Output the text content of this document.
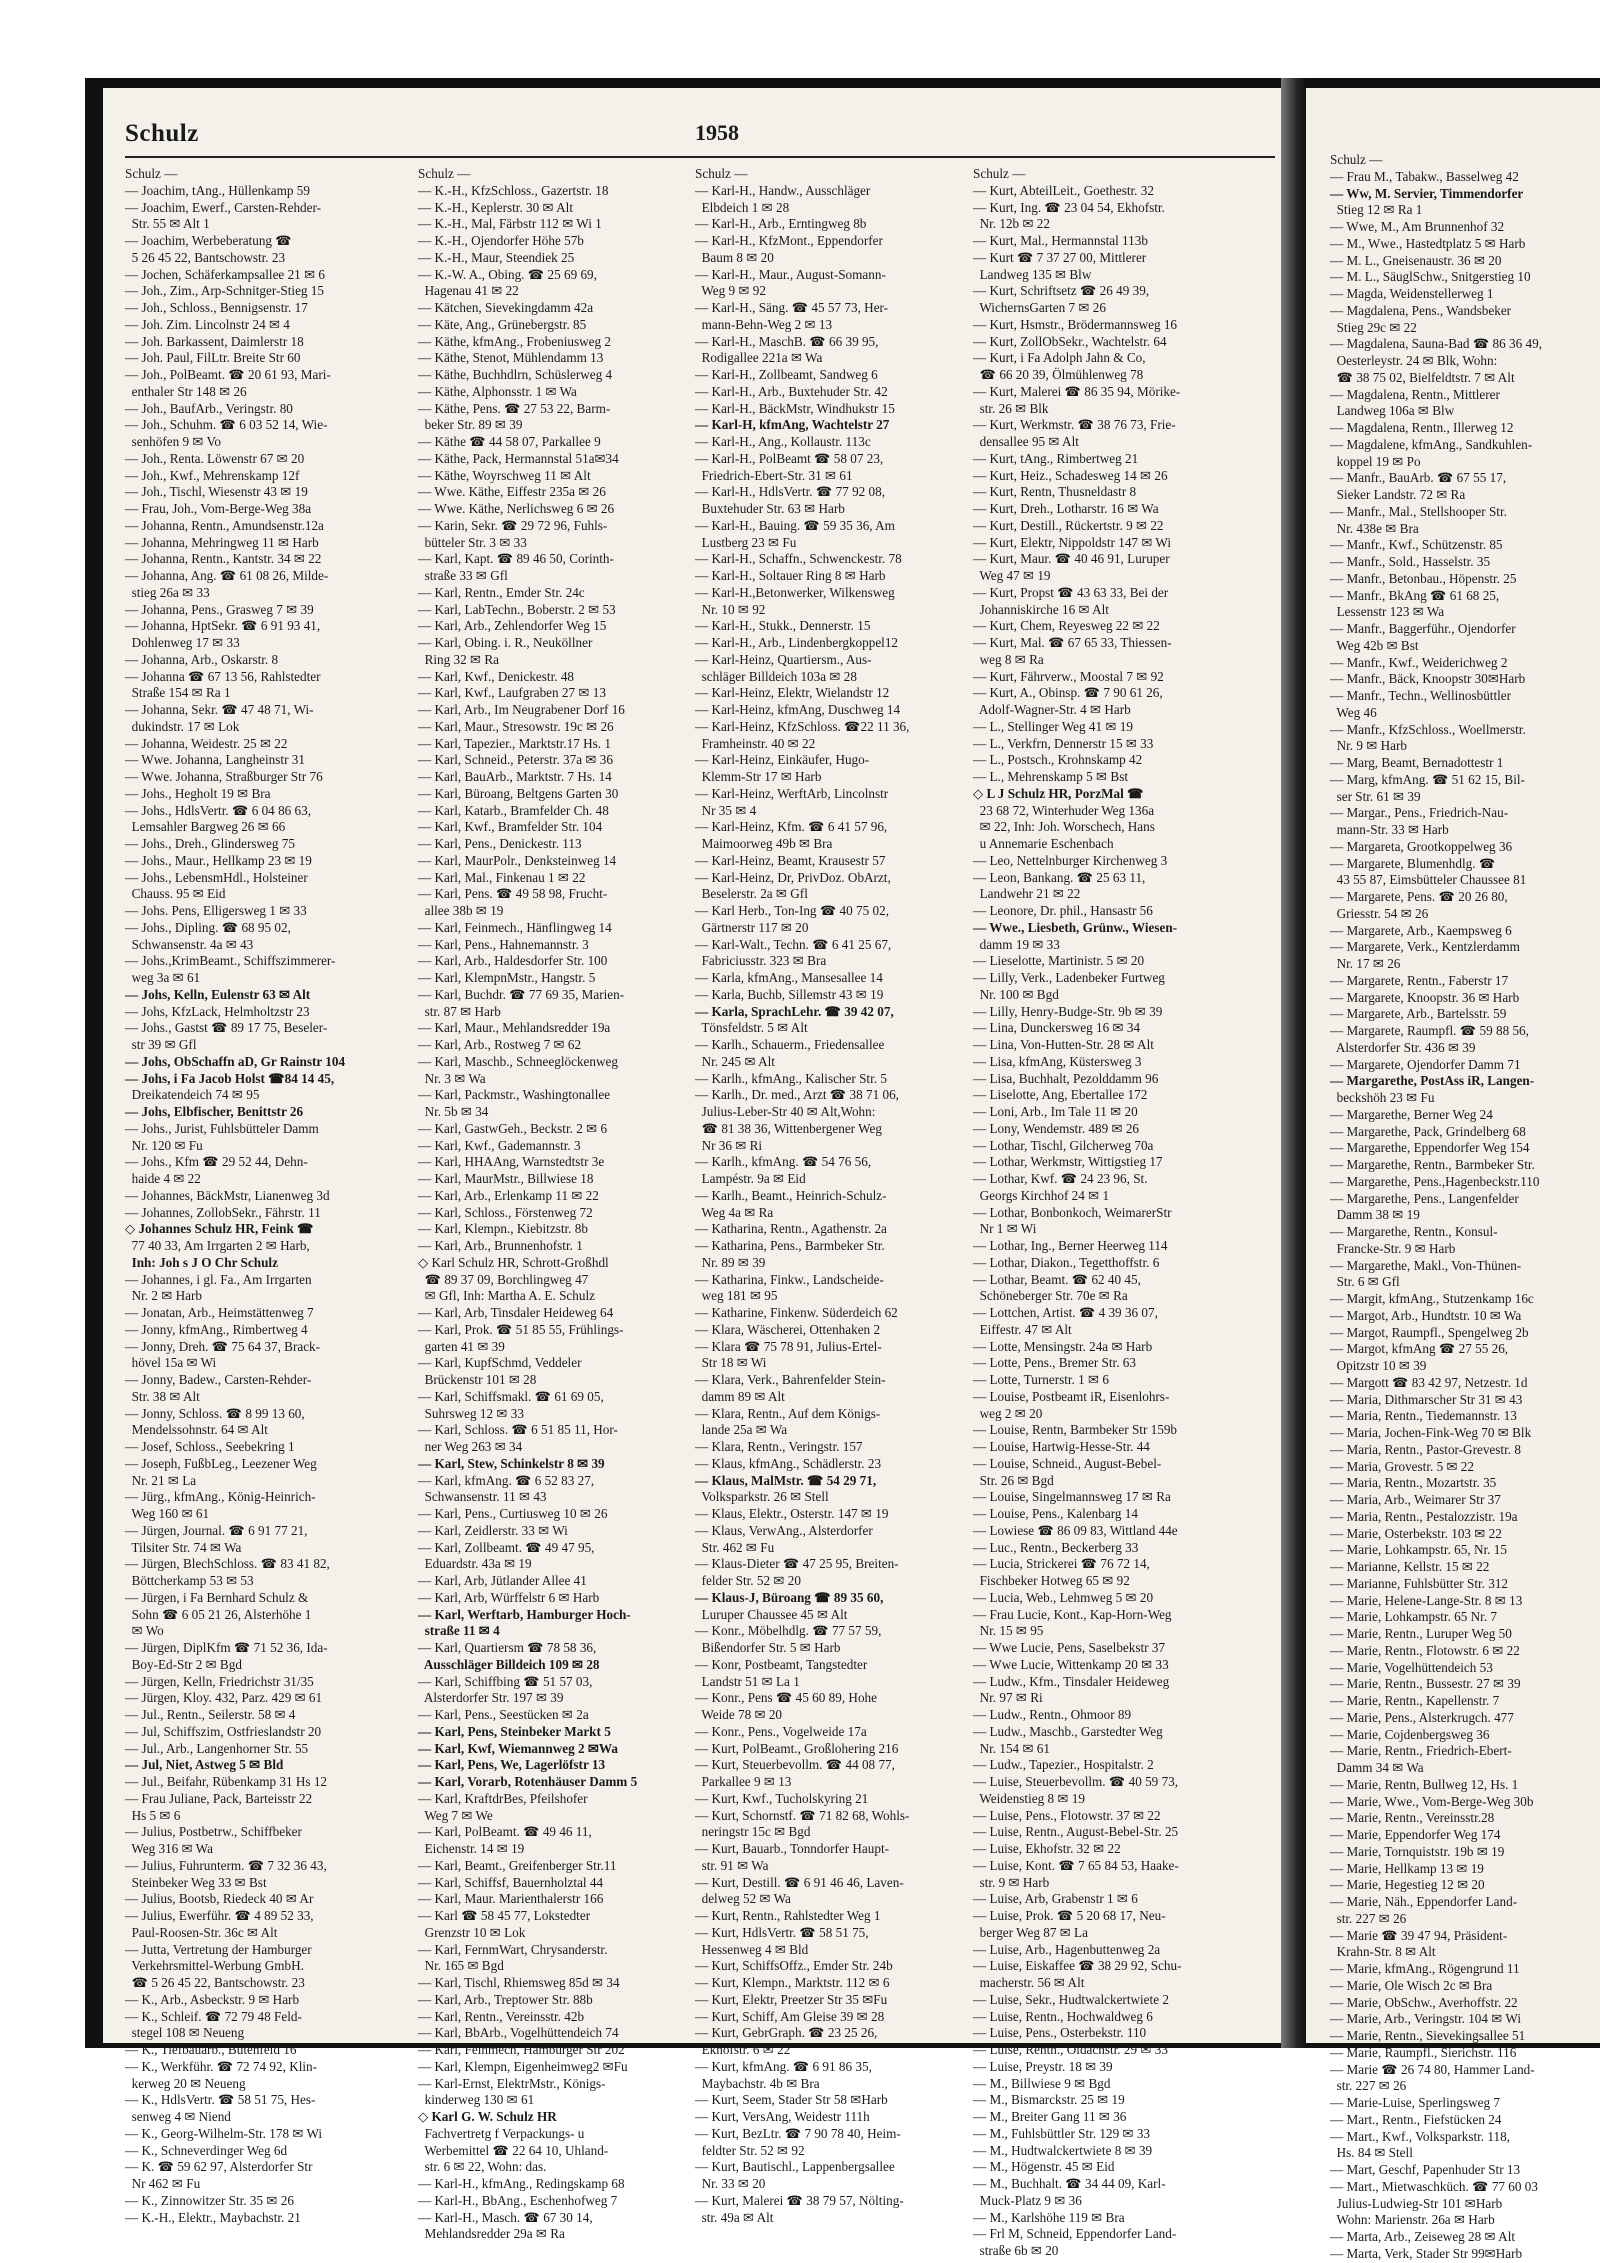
Schulz	1958
Schulz —
— Joachim, tAng., Hüllenkamp 59
— Joachim, Ewerf., Carsten-Rehder-
Str. 55 ✉ Alt 1
— Joachim, Werbeberatung ☎
5 26 45 22, Bantschowstr. 23
— Jochen, Schäferkampsallee 21 ✉ 6
— Joh., Zim., Arp-Schnitger-Stieg 15
— Joh., Schloss., Bennigsenstr. 17
— Joh. Zim. Lincolnstr 24 ✉ 4
— Joh. Barkassent, Daimlerstr 18
— Joh. Paul, FilLtr. Breite Str 60
— Joh., PolBeamt. ☎ 20 61 93, Mari-
enthaler Str 148 ✉ 26
— Joh., BaufArb., Veringstr. 80
— Joh., Schuhm. ☎ 6 03 52 14, Wie-
senhöfen 9 ✉ Vo
— Joh., Renta. Löwenstr 67 ✉ 20
— Joh., Kwf., Mehrenskamp 12f
— Joh., Tischl, Wiesenstr 43 ✉ 19
— Frau, Joh., Vom-Berge-Weg 38a
— Johanna, Rentn., Amundsenstr.12a
— Johanna, Mehringweg 11 ✉ Harb
— Johanna, Rentn., Kantstr. 34 ✉ 22
— Johanna, Ang. ☎ 61 08 26, Milde-
stieg 26a ✉ 33
— Johanna, Pens., Grasweg 7 ✉ 39
— Johanna, HptSekr. ☎ 6 91 93 41,
Dohlenweg 17 ✉ 33
— Johanna, Arb., Oskarstr. 8
— Johanna ☎ 67 13 56, Rahlstedter
Straße 154 ✉ Ra 1
— Johanna, Sekr. ☎ 47 48 71, Wi-
dukindstr. 17 ✉ Lok
— Johanna, Weidestr. 25 ✉ 22
— Wwe. Johanna, Langheinstr 31
— Wwe. Johanna, Straßburger Str 76
— Johs., Hegholt 19 ✉ Bra
— Johs., HdlsVertr. ☎ 6 04 86 63,
Lemsahler Bargweg 26 ✉ 66
— Johs., Dreh., Glindersweg 75
— Johs., Maur., Hellkamp 23 ✉ 19
— Johs., LebensmHdl., Holsteiner
Chauss. 95 ✉ Eid
— Johs. Pens, Elligersweg 1 ✉ 33
— Johs., Dipling. ☎ 68 95 02,
Schwansenstr. 4a ✉ 43
— Johs.,KrimBeamt., Schiffszimmerer-
weg 3a ✉ 61
— Johs, Kelln, Eulenstr 63 ✉ Alt
— Johs, KfzLack, Helmholtzstr 23
— Johs., Gastst ☎ 89 17 75, Beseler-
str 39 ✉ Gfl
— Johs, ObSchaffn aD, Gr Rainstr 104
— Johs, i Fa Jacob Holst ☎84 14 45,
Dreikatendeich 74 ✉ 95
— Johs, Elbfischer, Benittstr 26
— Johs., Jurist, Fuhlsbütteler Damm
Nr. 120 ✉ Fu
— Johs., Kfm ☎ 29 52 44, Dehn-
haide 4 ✉ 22
— Johannes, BäckMstr, Lianenweg 3d
— Johannes, ZollobSekr., Fährstr. 11
◇ Johannes Schulz HR, Feink ☎
77 40 33, Am Irrgarten 2 ✉ Harb,
Inh: Joh s J O Chr Schulz
— Johannes, i gl. Fa., Am Irrgarten
Nr. 2 ✉ Harb
— Jonatan, Arb., Heimstättenweg 7
— Jonny, kfmAng., Rimbertweg 4
— Jonny, Dreh. ☎ 75 64 37, Brack-
hövel 15a ✉ Wi
— Jonny, Badew., Carsten-Rehder-
Str. 38 ✉ Alt
— Jonny, Schloss. ☎ 8 99 13 60,
Mendelssohnstr. 64 ✉ Alt
— Josef, Schloss., Seebekring 1
— Joseph, FußbLeg., Leezener Weg
Nr. 21 ✉ La
— Jürg., kfmAng., König-Heinrich-
Weg 160 ✉ 61
— Jürgen, Journal. ☎ 6 91 77 21,
Tilsiter Str. 74 ✉ Wa
— Jürgen, BlechSchloss. ☎ 83 41 82,
Böttcherkamp 53 ✉ 53
— Jürgen, i Fa Bernhard Schulz &
Sohn ☎ 6 05 21 26, Alsterhöhe 1
✉ Wo
— Jürgen, DiplKfm ☎ 71 52 36, Ida-
Boy-Ed-Str 2 ✉ Bgd
— Jürgen, Kelln, Friedrichstr 31/35
— Jürgen, Kloy. 432, Parz. 429 ✉ 61
— Jul., Rentn., Seilerstr. 58 ✉ 4
— Jul, Schiffszim, Ostfrieslandstr 20
— Jul., Arb., Langenhorner Str. 55
— Jul, Niet, Astweg 5 ✉ Bld
— Jul., Beifahr, Rübenkamp 31 Hs 12
— Frau Juliane, Pack, Barteisstr 22
Hs 5 ✉ 6
— Julius, Postbetrw., Schiffbeker
Weg 316 ✉ Wa
— Julius, Fuhrunterm. ☎ 7 32 36 43,
Steinbeker Weg 33 ✉ Bst
— Julius, Bootsb, Riedeck 40 ✉ Ar
— Julius, Ewerführ. ☎ 4 89 52 33,
Paul-Roosen-Str. 36c ✉ Alt
— Jutta, Vertretung der Hamburger
Verkehrsmittel-Werbung GmbH.
☎ 5 26 45 22, Bantschowstr. 23
— K., Arb., Asbeckstr. 9 ✉ Harb
— K., Schleif. ☎ 72 79 48 Feld-
stegel 108 ✉ Neueng
— K., Tiefbauarb., Butenfeld 16
— K., Werkführ. ☎ 72 74 92, Klin-
kerweg 20 ✉ Neueng
— K., HdlsVertr. ☎ 58 51 75, Hes-
senweg 4 ✉ Niend
— K., Georg-Wilhelm-Str. 178 ✉ Wi
— K., Schneverdinger Weg 6d
— K. ☎ 59 62 97, Alsterdorfer Str
Nr 462 ✉ Fu
— K., Zinnowitzer Str. 35 ✉ 26
— K.-H., Elektr., Maybachstr. 21
Schulz —
— K.-H., KfzSchloss., Gazertstr. 18
— K.-H., Keplerstr. 30 ✉ Alt
— K.-H., Mal, Färbstr 112 ✉ Wi 1
— K.-H., Ojendorfer Höhe 57b
— K.-H., Maur, Steendiek 25
— K.-W. A., Obing. ☎ 25 69 69,
Hagenau 41 ✉ 22
— Kätchen, Sievekingdamm 42a
— Käte, Ang., Grünebergstr. 85
— Käthe, kfmAng., Frobeniusweg 2
— Käthe, Stenot, Mühlendamm 13
— Käthe, Buchhdlrn, Schüslerweg 4
— Käthe, Alphonsstr. 1 ✉ Wa
— Käthe, Pens. ☎ 27 53 22, Barm-
beker Str. 89 ✉ 39
— Käthe ☎ 44 58 07, Parkallee 9
— Käthe, Pack, Hermannstal 51a✉34
— Käthe, Woyrschweg 11 ✉ Alt
— Wwe. Käthe, Eiffestr 235a ✉ 26
— Wwe. Käthe, Nerlichsweg 6 ✉ 26
— Karin, Sekr. ☎ 29 72 96, Fuhls-
bütteler Str. 3 ✉ 33
— Karl, Kapt. ☎ 89 46 50, Corinth-
straße 33 ✉ Gfl
— Karl, Rentn., Emder Str. 24c
— Karl, LabTechn., Boberstr. 2 ✉ 53
— Karl, Arb., Zehlendorfer Weg 15
— Karl, Obing. i. R., Neuköllner
Ring 32 ✉ Ra
— Karl, Kwf., Denickestr. 48
— Karl, Kwf., Laufgraben 27 ✉ 13
— Karl, Arb., Im Neugrabener Dorf 16
— Karl, Maur., Stresowstr. 19c ✉ 26
— Karl, Tapezier., Marktstr.17 Hs. 1
— Karl, Schneid., Peterstr. 37a ✉ 36
— Karl, BauArb., Marktstr. 7 Hs. 14
— Karl, Büroang, Beltgens Garten 30
— Karl, Katarb., Bramfelder Ch. 48
— Karl, Kwf., Bramfelder Str. 104
— Karl, Pens., Denickestr. 113
— Karl, MaurPolr., Denksteinweg 14
— Karl, Mal., Finkenau 1 ✉ 22
— Karl, Pens. ☎ 49 58 98, Frucht-
allee 38b ✉ 19
— Karl, Feinmech., Hänflingweg 14
— Karl, Pens., Hahnemannstr. 3
— Karl, Arb., Haldesdorfer Str. 100
— Karl, KlempnMstr., Hangstr. 5
— Karl, Buchdr. ☎ 77 69 35, Marien-
str. 87 ✉ Harb
— Karl, Maur., Mehlandsredder 19a
— Karl, Arb., Rostweg 7 ✉ 62
— Karl, Maschb., Schneeglöckenweg
Nr. 3 ✉ Wa
— Karl, Packmstr., Washingtonallee
Nr. 5b ✉ 34
— Karl, GastwGeh., Beckstr. 2 ✉ 6
— Karl, Kwf., Gademannstr. 3
— Karl, HHAAng, Warnstedtstr 3e
— Karl, MaurMstr., Billwiese 18
— Karl, Arb., Erlenkamp 11 ✉ 22
— Karl, Schloss., Förstenweg 72
— Karl, Klempn., Kiebitzstr. 8b
— Karl, Arb., Brunnenhofstr. 1
◇ Karl Schulz HR, Schrott-Großhdl
☎ 89 37 09, Borchlingweg 47
✉ Gfl, Inh: Martha A. E. Schulz
— Karl, Arb, Tinsdaler Heideweg 64
— Karl, Prok. ☎ 51 85 55, Frühlings-
garten 41 ✉ 39
— Karl, KupfSchmd, Veddeler
Brückenstr 101 ✉ 28
— Karl, Schiffsmakl. ☎ 61 69 05,
Suhrsweg 12 ✉ 33
— Karl, Schloss. ☎ 6 51 85 11, Hor-
ner Weg 263 ✉ 34
— Karl, Stew, Schinkelstr 8 ✉ 39
— Karl, kfmAng. ☎ 6 52 83 27,
Schwansenstr. 11 ✉ 43
— Karl, Pens., Curtiusweg 10 ✉ 26
— Karl, Zeidlerstr. 33 ✉ Wi
— Karl, Zollbeamt. ☎ 49 47 95,
Eduardstr. 43a ✉ 19
— Karl, Arb, Jütlander Allee 41
— Karl, Arb, Würffelstr 6 ✉ Harb
— Karl, Werftarb, Hamburger Hoch-
straße 11 ✉ 4
— Karl, Quartiersm ☎ 78 58 36,
Ausschläger Billdeich 109 ✉ 28
— Karl, Schiffbing ☎ 51 57 03,
Alsterdorfer Str. 197 ✉ 39
— Karl, Pens., Seestücken ✉ 2a
— Karl, Pens, Steinbeker Markt 5
— Karl, Kwf, Wiemannweg 2 ✉Wa
— Karl, Pens, We, Lagerlöfstr 13
— Karl, Vorarb, Rotenhäuser Damm 5
— Karl, KraftdrBes, Pfeilshofer
Weg 7 ✉ We
— Karl, PolBeamt. ☎ 49 46 11,
Eichenstr. 14 ✉ 19
— Karl, Beamt., Greifenberger Str.11
— Karl, Schiffsf, Bauernholztal 44
— Karl, Maur. Marienthalerstr 166
— Karl ☎ 58 45 77, Lokstedter
Grenzstr 10 ✉ Lok
— Karl, FernmWart, Chrysanderstr.
Nr. 165 ✉ Bgd
— Karl, Tischl, Rhiemsweg 85d ✉ 34
— Karl, Arb., Treptower Str. 88b
— Karl, Rentn., Vereinsstr. 42b
— Karl, BbArb., Vogelhüttendeich 74
— Karl, Feinmech, Hamburger Str 202
— Karl, Klempn, Eigenheimweg2 ✉Fu
— Karl-Ernst, ElektrMstr., Königs-
kinderweg 130 ✉ 61
◇ Karl G. W. Schulz HR
Fachvertretg f Verpackungs- u
Werbemittel ☎ 22 64 10, Uhland-
str. 6 ✉ 22, Wohn: das.
— Karl-H., kfmAng., Redingskamp 68
— Karl-H., BbAng., Eschenhofweg 7
— Karl-H., Masch. ☎ 67 30 14,
Mehlandsredder 29a ✉ Ra
Schulz —
— Karl-H., Handw., Ausschläger
Elbdeich 1 ✉ 28
— Karl-H., Arb., Erntingweg 8b
— Karl-H., KfzMont., Eppendorfer
Baum 8 ✉ 20
— Karl-H., Maur., August-Somann-
Weg 9 ✉ 92
— Karl-H., Säng. ☎ 45 57 73, Her-
mann-Behn-Weg 2 ✉ 13
— Karl-H., MaschB. ☎ 66 39 95,
Rodigallee 221a ✉ Wa
— Karl-H., Zollbeamt, Sandweg 6
— Karl-H., Arb., Buxtehuder Str. 42
— Karl-H., BäckMstr, Windhukstr 15
— Karl-H, kfmAng, Wachtelstr 27
— Karl-H., Ang., Kollaustr. 113c
— Karl-H., PolBeamt ☎ 58 07 23,
Friedrich-Ebert-Str. 31 ✉ 61
— Karl-H., HdlsVertr. ☎ 77 92 08,
Buxtehuder Str. 63 ✉ Harb
— Karl-H., Bauing. ☎ 59 35 36, Am
Lustberg 23 ✉ Fu
— Karl-H., Schaffn., Schwenckestr. 78
— Karl-H., Soltauer Ring 8 ✉ Harb
— Karl-H.,Betonwerker, Wilkensweg
Nr. 10 ✉ 92
— Karl-H., Stukk., Dennerstr. 15
— Karl-H., Arb., Lindenbergkoppel12
— Karl-Heinz, Quartiersm., Aus-
schläger Billdeich 103a ✉ 28
— Karl-Heinz, Elektr, Wielandstr 12
— Karl-Heinz, kfmAng, Duschweg 14
— Karl-Heinz, KfzSchloss. ☎22 11 36,
Framheinstr. 40 ✉ 22
— Karl-Heinz, Einkäufer, Hugo-
Klemm-Str 17 ✉ Harb
— Karl-Heinz, WerftArb, Lincolnstr
Nr 35 ✉ 4
— Karl-Heinz, Kfm. ☎ 6 41 57 96,
Maimoorweg 49b ✉ Bra
— Karl-Heinz, Beamt, Krausestr 57
— Karl-Heinz, Dr, PrivDoz. ObArzt,
Beselerstr. 2a ✉ Gfl
— Karl Herb., Ton-Ing ☎ 40 75 02,
Gärtnerstr 117 ✉ 20
— Karl-Walt., Techn. ☎ 6 41 25 67,
Fabriciusstr. 323 ✉ Bra
— Karla, kfmAng., Mansesallee 14
— Karla, Buchb, Sillemstr 43 ✉ 19
— Karla, SprachLehr. ☎ 39 42 07,
Tönsfeldstr. 5 ✉ Alt
— Karlh., Schauerm., Friedensallee
Nr. 245 ✉ Alt
— Karlh., kfmAng., Kalischer Str. 5
— Karlh., Dr. med., Arzt ☎ 38 71 06,
Julius-Leber-Str 40 ✉ Alt,Wohn:
☎ 81 38 36, Wittenbergener Weg
Nr 36 ✉ Ri
— Karlh., kfmAng. ☎ 54 76 56,
Lampéstr. 9a ✉ Eid
— Karlh., Beamt., Heinrich-Schulz-
Weg 4a ✉ Ra
— Katharina, Rentn., Agathenstr. 2a
— Katharina, Pens., Barmbeker Str.
Nr. 89 ✉ 39
— Katharina, Finkw., Landscheide-
weg 181 ✉ 95
— Katharine, Finkenw. Süderdeich 62
— Klara, Wäscherei, Ottenhaken 2
— Klara ☎ 75 78 91, Julius-Ertel-
Str 18 ✉ Wi
— Klara, Verk., Bahrenfelder Stein-
damm 89 ✉ Alt
— Klara, Rentn., Auf dem Königs-
lande 25a ✉ Wa
— Klara, Rentn., Veringstr. 157
— Klaus, kfmAng., Schädlerstr. 23
— Klaus, MalMstr. ☎ 54 29 71,
Volksparkstr. 26 ✉ Stell
— Klaus, Elektr., Osterstr. 147 ✉ 19
— Klaus, VerwAng., Alsterdorfer
Str. 462 ✉ Fu
— Klaus-Dieter ☎ 47 25 95, Breiten-
felder Str. 52 ✉ 20
— Klaus-J, Büroang ☎ 89 35 60,
Luruper Chaussee 45 ✉ Alt
— Konr., Möbelhdlg. ☎ 77 57 59,
Bißendorfer Str. 5 ✉ Harb
— Konr, Postbeamt, Tangstedter
Landstr 51 ✉ La 1
— Konr., Pens ☎ 45 60 89, Hohe
Weide 78 ✉ 20
— Konr., Pens., Vogelweide 17a
— Kurt, PolBeamt., Großlohering 216
— Kurt, Steuerbevollm. ☎ 44 08 77,
Parkallee 9 ✉ 13
— Kurt, Kwf., Tucholskyring 21
— Kurt, Schornstf. ☎ 71 82 68, Wohls-
neringstr 15c ✉ Bgd
— Kurt, Bauarb., Tonndorfer Haupt-
str. 91 ✉ Wa
— Kurt, Destill. ☎ 6 91 46 46, Laven-
delweg 52 ✉ Wa
— Kurt, Rentn., Rahlstedter Weg 1
— Kurt, HdlsVertr. ☎ 58 51 75,
Hessenweg 4 ✉ Bld
— Kurt, SchiffsOffz., Emder Str. 24b
— Kurt, Klempn., Marktstr. 112 ✉ 6
— Kurt, Elektr, Preetzer Str 35 ✉Fu
— Kurt, Schiff, Am Gleise 39 ✉ 28
— Kurt, GebrGraph. ☎ 23 25 26,
Ekhofstr. 6 ✉ 22
— Kurt, kfmAng. ☎ 6 91 86 35,
Maybachstr. 4b ✉ Bra
— Kurt, Seem, Stader Str 58 ✉Harb
— Kurt, VersAng, Weidestr 111h
— Kurt, BezLtr. ☎ 7 90 78 40, Heim-
feldter Str. 52 ✉ 92
— Kurt, Bautischl., Lappenbergsallee
Nr. 33 ✉ 20
— Kurt, Malerei ☎ 38 79 57, Nölting-
str. 49a ✉ Alt
Schulz —
— Kurt, AbteilLeit., Goethestr. 32
— Kurt, Ing. ☎ 23 04 54, Ekhofstr.
Nr. 12b ✉ 22
— Kurt, Mal., Hermannstal 113b
— Kurt ☎ 7 37 27 00, Mittlerer
Landweg 135 ✉ Blw
— Kurt, Schriftsetz ☎ 26 49 39,
WichernsGarten 7 ✉ 26
— Kurt, Hsmstr., Brödermannsweg 16
— Kurt, ZollObSekr., Wachtelstr. 64
— Kurt, i Fa Adolph Jahn & Co,
☎ 66 20 39, Ölmühlenweg 78
— Kurt, Malerei ☎ 86 35 94, Mörike-
str. 26 ✉ Blk
— Kurt, Werkmstr. ☎ 38 76 73, Frie-
densallee 95 ✉ Alt
— Kurt, tAng., Rimbertweg 21
— Kurt, Heiz., Schadesweg 14 ✉ 26
— Kurt, Rentn, Thusneldastr 8
— Kurt, Dreh., Lotharstr. 16 ✉ Wa
— Kurt, Destill., Rückertstr. 9 ✉ 22
— Kurt, Elektr, Nippoldstr 147 ✉ Wi
— Kurt, Maur. ☎ 40 46 91, Luruper
Weg 47 ✉ 19
— Kurt, Propst ☎ 43 63 33, Bei der
Johanniskirche 16 ✉ Alt
— Kurt, Chem, Reyesweg 22 ✉ 22
— Kurt, Mal. ☎ 67 65 33, Thiessen-
weg 8 ✉ Ra
— Kurt, Fährverw., Moostal 7 ✉ 92
— Kurt, A., Obinsp. ☎ 7 90 61 26,
Adolf-Wagner-Str. 4 ✉ Harb
— L., Stellinger Weg 41 ✉ 19
— L., Verkfrn, Dennerstr 15 ✉ 33
— L., Postsch., Krohnskamp 42
— L., Mehrenskamp 5 ✉ Bst
◇ L J Schulz HR, PorzMal ☎
23 68 72, Winterhuder Weg 136a
✉ 22, Inh: Joh. Worschech, Hans
u Annemarie Eschenbach
— Leo, Nettelnburger Kirchenweg 3
— Leon, Bankang. ☎ 25 63 11,
Landwehr 21 ✉ 22
— Leonore, Dr. phil., Hansastr 56
— Wwe., Liesbeth, Grünw., Wiesen-
damm 19 ✉ 33
— Lieselotte, Martinistr. 5 ✉ 20
— Lilly, Verk., Ladenbeker Furtweg
Nr. 100 ✉ Bgd
— Lilly, Henry-Budge-Str. 9b ✉ 39
— Lina, Dunckersweg 16 ✉ 34
— Lina, Von-Hutten-Str. 28 ✉ Alt
— Lisa, kfmAng, Küstersweg 3
— Lisa, Buchhalt, Pezolddamm 96
— Liselotte, Ang, Ebertallee 172
— Loni, Arb., Im Tale 11 ✉ 20
— Lony, Wendemstr. 489 ✉ 26
— Lothar, Tischl, Gilcherweg 70a
— Lothar, Werkmstr, Wittigstieg 17
— Lothar, Kwf. ☎ 24 23 96, St.
Georgs Kirchhof 24 ✉ 1
— Lothar, Bonbonkoch, WeimarerStr
Nr 1 ✉ Wi
— Lothar, Ing., Berner Heerweg 114
— Lothar, Diakon., Tegetthoffstr. 6
— Lothar, Beamt. ☎ 62 40 45,
Schöneberger Str. 70e ✉ Ra
— Lottchen, Artist. ☎ 4 39 36 07,
Eiffestr. 47 ✉ Alt
— Lotte, Mensingstr. 24a ✉ Harb
— Lotte, Pens., Bremer Str. 63
— Lotte, Turnerstr. 1 ✉ 6
— Louise, Postbeamt iR, Eisenlohrs-
weg 2 ✉ 20
— Louise, Rentn, Barmbeker Str 159b
— Louise, Hartwig-Hesse-Str. 44
— Louise, Schneid., August-Bebel-
Str. 26 ✉ Bgd
— Louise, Singelmannsweg 17 ✉ Ra
— Louise, Pens., Kalenbarg 14
— Lowiese ☎ 86 09 83, Wittland 44e
— Luc., Rentn., Beckerberg 33
— Lucia, Strickerei ☎ 76 72 14,
Fischbeker Hotweg 65 ✉ 92
— Lucia, Web., Lehmweg 5 ✉ 20
— Frau Lucie, Kont., Kap-Horn-Weg
Nr. 15 ✉ 95
— Wwe Lucie, Pens, Saselbekstr 37
— Wwe Lucie, Wittenkamp 20 ✉ 33
— Ludw., Kfm., Tinsdaler Heideweg
Nr. 97 ✉ Ri
— Ludw., Rentn., Ohmoor 89
— Ludw., Maschb., Garstedter Weg
Nr. 154 ✉ 61
— Ludw., Tapezier., Hospitalstr. 2
— Luise, Steuerbevollm. ☎ 40 59 73,
Weidenstieg 8 ✉ 19
— Luise, Pens., Flotowstr. 37 ✉ 22
— Luise, Rentn., August-Bebel-Str. 25
— Luise, Ekhofstr. 32 ✉ 22
— Luise, Kont. ☎ 7 65 84 53, Haake-
str. 9 ✉ Harb
— Luise, Arb, Grabenstr 1 ✉ 6
— Luise, Prok. ☎ 5 20 68 17, Neu-
berger Weg 87 ✉ La
— Luise, Arb., Hagenbuttenweg 2a
— Luise, Eiskaffee ☎ 38 29 92, Schu-
macherstr. 56 ✉ Alt
— Luise, Sekr., Hudtwalckertwiete 2
— Luise, Rentn., Hochwaldweg 6
— Luise, Pens., Osterbekstr. 110
— Luise, Rentn., Oldachstr. 29 ✉ 33
— Luise, Preystr. 18 ✉ 39
— M., Billwiese 9 ✉ Bgd
— M., Bismarckstr. 25 ✉ 19
— M., Breiter Gang 11 ✉ 36
— M., Fuhlsbüttler Str. 129 ✉ 33
— M., Hudtwalckertwiete 8 ✉ 39
— M., Högenstr. 45 ✉ Eid
— M., Buchhalt. ☎ 34 44 09, Karl-
Muck-Platz 9 ✉ 36
— M., Karlshöhe 119 ✉ Bra
— Frl M, Schneid, Eppendorfer Land-
straße 6b ✉ 20
Schulz —
— Frau M., Tabakw., Basselweg 42
— Ww, M. Servier, Timmendorfer
Stieg 12 ✉ Ra 1
— Wwe, M., Am Brunnenhof 32
— M., Wwe., Hastedtplatz 5 ✉ Harb
— M. L., Gneisenaustr. 36 ✉ 20
— M. L., SäuglSchw., Snitgerstieg 10
— Magda, Weidenstellerweg 1
— Magdalena, Pens., Wandsbeker
Stieg 29c ✉ 22
— Magdalena, Sauna-Bad ☎ 86 36 49,
Oesterleystr. 24 ✉ Blk, Wohn:
☎ 38 75 02, Bielfeldtstr. 7 ✉ Alt
— Magdalena, Rentn., Mittlerer
Landweg 106a ✉ Blw
— Magdalena, Rentn., Illerweg 12
— Magdalene, kfmAng., Sandkuhlen-
koppel 19 ✉ Po
— Manfr., BauArb. ☎ 67 55 17,
Sieker Landstr. 72 ✉ Ra
— Manfr., Mal., Stellshooper Str.
Nr. 438e ✉ Bra
— Manfr., Kwf., Schützenstr. 85
— Manfr., Sold., Hasselstr. 35
— Manfr., Betonbau., Höpenstr. 25
— Manfr., BkAng ☎ 61 68 25,
Lessenstr 123 ✉ Wa
— Manfr., Baggerführ., Ojendorfer
Weg 42b ✉ Bst
— Manfr., Kwf., Weiderichweg 2
— Manfr., Bäck, Knoopstr 30✉Harb
— Manfr., Techn., Wellinosbüttler
Weg 46
— Manfr., KfzSchloss., Woellmerstr.
Nr. 9 ✉ Harb
— Marg, Beamt, Bernadottestr 1
— Marg, kfmAng. ☎ 51 62 15, Bil-
ser Str. 61 ✉ 39
— Margar., Pens., Friedrich-Nau-
mann-Str. 33 ✉ Harb
— Margareta, Grootkoppelweg 36
— Margarete, Blumenhdlg. ☎
43 55 87, Eimsbütteler Chaussee 81
— Margarete, Pens. ☎ 20 26 80,
Griesstr. 54 ✉ 26
— Margarete, Arb., Kaempsweg 6
— Margarete, Verk., Kentzlerdamm
Nr. 17 ✉ 26
— Margarete, Rentn., Faberstr 17
— Margarete, Knoopstr. 36 ✉ Harb
— Margarete, Arb., Bartelsstr. 59
— Margarete, Raumpfl. ☎ 59 88 56,
Alsterdorfer Str. 436 ✉ 39
— Margarete, Ojendorfer Damm 71
— Margarethe, PostAss iR, Langen-
beckshöh 23 ✉ Fu
— Margarethe, Berner Weg 24
— Margarethe, Pack, Grindelberg 68
— Margarethe, Eppendorfer Weg 154
— Margarethe, Rentn., Barmbeker Str.
— Margarethe, Pens.,Hagenbeckstr.110
— Margarethe, Pens., Langenfelder
Damm 38 ✉ 19
— Margarethe, Rentn., Konsul-
Francke-Str. 9 ✉ Harb
— Margarethe, Makl., Von-Thünen-
Str. 6 ✉ Gfl
— Margit, kfmAng., Stutzenkamp 16c
— Margot, Arb., Hundtstr. 10 ✉ Wa
— Margot, Raumpfl., Spengelweg 2b
— Margot, kfmAng ☎ 27 55 26,
Opitzstr 10 ✉ 39
— Margott ☎ 83 42 97, Netzestr. 1d
— Maria, Dithmarscher Str 31 ✉ 43
— Maria, Rentn., Tiedemannstr. 13
— Maria, Jochen-Fink-Weg 70 ✉ Blk
— Maria, Rentn., Pastor-Grevestr. 8
— Maria, Grovestr. 5 ✉ 22
— Maria, Rentn., Mozartstr. 35
— Maria, Arb., Weimarer Str 37
— Maria, Rentn., Pestalozzistr. 19a
— Marie, Osterbekstr. 103 ✉ 22
— Marie, Lohkampstr. 65, Nr. 15
— Marianne, Kellstr. 15 ✉ 22
— Marianne, Fuhlsbütter Str. 312
— Marie, Helene-Lange-Str. 8 ✉ 13
— Marie, Lohkampstr. 65 Nr. 7
— Marie, Rentn., Luruper Weg 50
— Marie, Rentn., Flotowstr. 6 ✉ 22
— Marie, Vogelhüttendeich 53
— Marie, Rentn., Bussestr. 27 ✉ 39
— Marie, Rentn., Kapellenstr. 7
— Marie, Pens., Alsterkrugch. 477
— Marie, Cojdenbergsweg 36
— Marie, Rentn., Friedrich-Ebert-
Damm 34 ✉ Wa
— Marie, Rentn, Bullweg 12, Hs. 1
— Marie, Wwe., Vom-Berge-Weg 30b
— Marie, Rentn., Vereinsstr.28
— Marie, Eppendorfer Weg 174
— Marie, Tornquiststr. 19b ✉ 19
— Marie, Hellkamp 13 ✉ 19
— Marie, Hegestieg 12 ✉ 20
— Marie, Näh., Eppendorfer Land-
str. 227 ✉ 26
— Marie ☎ 39 47 94, Präsident-
Krahn-Str. 8 ✉ Alt
— Marie, kfmAng., Rögengrund 11
— Marie, Ole Wisch 2c ✉ Bra
— Marie, ObSchw., Averhoffstr. 22
— Marie, Arb., Veringstr. 104 ✉ Wi
— Marie, Rentn., Sievekingsallee 51
— Marie, Raumpfl., Sierichstr. 116
— Marie ☎ 26 74 80, Hammer Land-
str. 227 ✉ 26
— Marie-Luise, Sperlingsweg 7
— Mart., Rentn., Fiefstücken 24
— Mart., Kwf., Volksparkstr. 118,
Hs. 84 ✉ Stell
— Mart, Geschf, Papenhuder Str 13
— Mart., Mietwaschküch. ☎ 77 60 03
Julius-Ludwieg-Str 101 ✉Harb
Wohn: Marienstr. 26a ✉ Harb
— Marta, Arb., Zeiseweg 28 ✉ Alt
— Marta, Verk, Stader Str 99✉Harb
